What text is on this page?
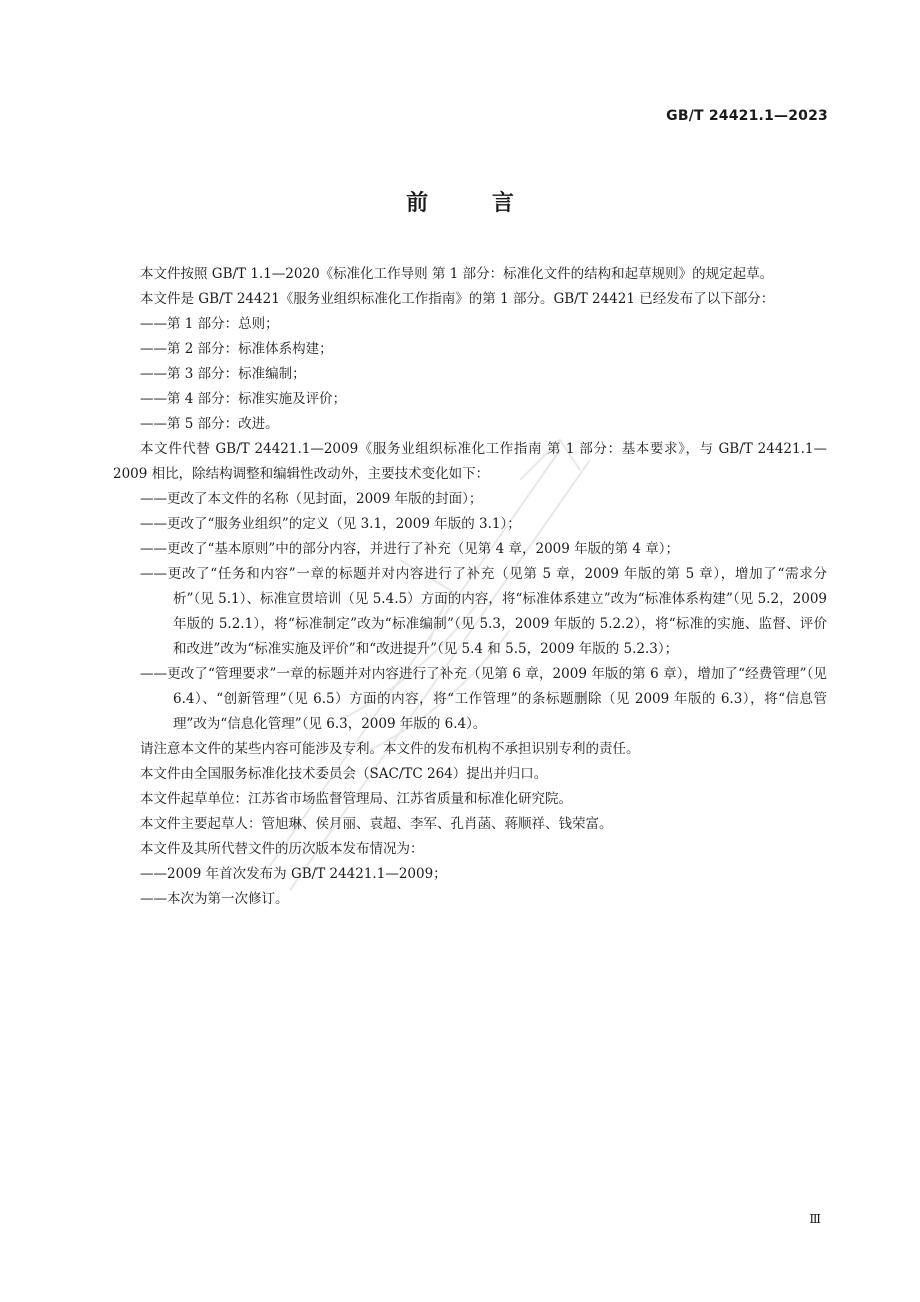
GB/T 24421.1—2023
前 言

本文件按照 GB/T 1.1—2020《标准化工作导则 第 1 部分：标准化文件的结构和起草规则》的规定起草。

本文件是 GB/T 24421《服务业组织标准化工作指南》的第 1 部分。GB/T 24421 已经发布了以下部分：

——第 1 部分：总则；

——第 2 部分：标准体系构建；

——第 3 部分：标准编制；

——第 4 部分：标准实施及评价；

——第 5 部分：改进。

本文件代替 GB/T 24421.1—2009《服务业组织标准化工作指南 第 1 部分：基本要求》，与 GB/T 24421.1—2009 相比，除结构调整和编辑性改动外，主要技术变化如下：

——更改了本文件的名称（见封面，2009 年版的封面）；

——更改了“服务业组织”的定义（见 3.1，2009 年版的 3.1）；

——更改了“基本原则”中的部分内容，并进行了补充（见第 4 章，2009 年版的第 4 章）；

——更改了“任务和内容”一章的标题并对内容进行了补充（见第 5 章，2009 年版的第 5 章），增加了“需求分析”（见 5.1）、标准宣贯培训（见 5.4.5）方面的内容，将“标准体系建立”改为“标准体系构建”（见 5.2，2009 年版的 5.2.1），将“标准制定”改为“标准编制”（见 5.3，2009 年版的 5.2.2），将“标准的实施、监督、评价和改进”改为“标准实施及评价”和“改进提升”（见 5.4 和 5.5，2009 年版的 5.2.3）；

——更改了“管理要求”一章的标题并对内容进行了补充（见第 6 章，2009 年版的第 6 章），增加了“经费管理”（见 6.4）、“创新管理”（见 6.5）方面的内容，将“工作管理”的条标题删除（见 2009 年版的 6.3），将“信息管理”改为“信息化管理”（见 6.3，2009 年版的 6.4）。

请注意本文件的某些内容可能涉及专利。本文件的发布机构不承担识别专利的责任。

本文件由全国服务标准化技术委员会（SAC/TC 264）提出并归口。

本文件起草单位：江苏省市场监督管理局、江苏省质量和标准化研究院。

本文件主要起草人：管旭琳、侯月丽、袁超、李军、孔肖菡、蒋顺祥、钱荣富。

本文件及其所代替文件的历次版本发布情况为：

——2009 年首次发布为 GB/T 24421.1—2009；

——本次为第一次修订。

Ⅲ
